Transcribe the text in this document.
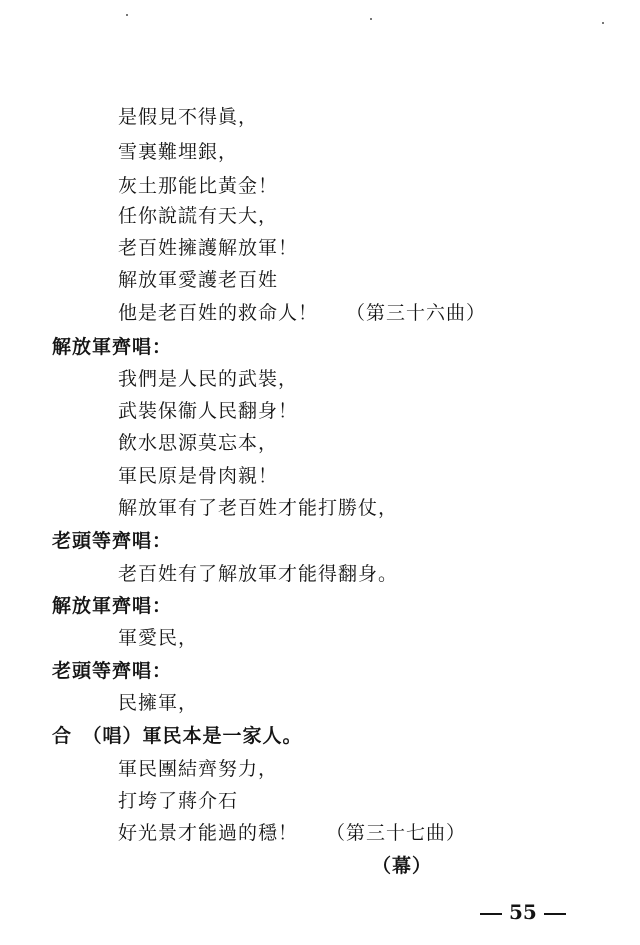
是假見不得眞，
雪裏難埋銀，
灰土那能比黃金！
任你說謊有天大，
老百姓擁護解放軍！
解放軍愛護老百姓
他是老百姓的救命人！ （第三十六曲）
解放軍齊唱：
我們是人民的武裝，
武裝保衞人民翻身！
飲水思源莫忘本，
軍民原是骨肉親！
解放軍有了老百姓才能打勝仗，
老頭等齊唱：
老百姓有了解放軍才能得翻身。
解放軍齊唱：
軍愛民，
老頭等齊唱：
民擁軍，
合　（唱）軍民本是一家人。
軍民團結齊努力，
打垮了蔣介石
好光景才能過的穩！ （第三十七曲）
（幕）
55
